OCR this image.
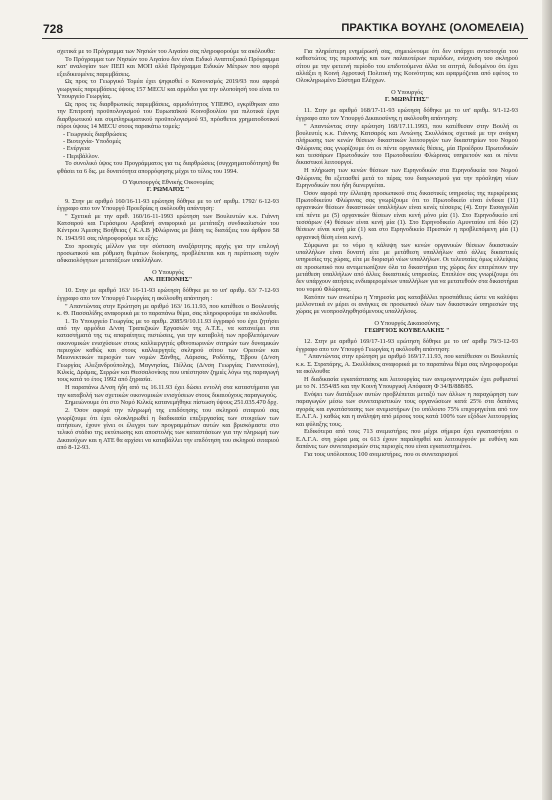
728	ΠΡΑΚΤΙΚΑ ΒΟΥΛΗΣ (ΟΛΟΜΕΛΕΙΑ)

σχετικά με το Πρόγραμμα των Νησιών του Αιγαίου σας πληροφορούμε τα ακόλουθα:

Το Πρόγραμμα των Νησιών του Αιγαίου δεν είναι Ειδικό Αναπτυξιακό Πρόγραμμα κατ' αναλογίαν των ΠΕΠ και ΜΟΠ αλλά Πρόγραμμα Ειδικών Μέτρων που αφορά εξειδικευμένες παρεμβάσεις.

Ως προς το Γεωργικό Τομέα έχει ψηφισθεί ο Κανονισμός 2019/93 που αφορά γεωργικές παρεμβάσεις ύψους 157 MECU και αρμόδιο για την υλοποίησή του είναι το Υπουργείο Γεωργίας.

Ως προς τις διαρθρωτικές παρεμβάσεις, αρμοδιότητος ΥΠΕΘΟ, εγκρίθηκαν απο την Επιτροπή προϋπολογισμού του Ευρωπαϊκού Κοινοβουλίου για πιλοτικά έργα διαρθρωτικού και συμπληρωματικού προϋπολογισμού 93, πρόσθετοι χρηματοδοτικοί πόροι ύψους 14 MECU στους παρακάτω τομείς:

- Γεωργικές διαρθρώσεις

- Βιοτεχνία- Υποδομές

- Ενέργεια

- Περιβάλλον.

Το συνολικό ύψος του Προγράμματος για τις διαρθρώσεις (συγχρηματοδότηση) θα φθάσει τα 6 δις. με δυνατότητα απορρόφησης μέχρι το τέλος του 1994.

Ο Υφυπουργός Εθνικής Οικονομίας

Γ. ΡΩΜΑΙΌΣ "

9. Στην με αριθμό 160/16-11-93 ερώτηση δόθηκε με το υπ' αριθμ. 1792/ 6-12-93 έγγραφο απο τον Υπουργό Προεδρίας η ακόλουθη απάντηση:

" Σχετικά με την αριθ. 160/16-11-1993 ερώτηση των Βουλευτών κ.κ. Γιάννη Κατσαρού και Γεράσιμου Αραβανή αναφορικά με μετάταξη συνδικαλιστών του Κέντρου Άμεσης Βοήθειας ( Κ.Α.Β )Φλώρινας με βάση τις διατάξεις του άρθρου 58 Ν. 1943/91 σας πληροφορούμε τα εξής:

Στο προσεχές μέλλον για την σύσταση αναξάρτητης αρχής για την επιλογή προσωπικού και ρύθμιση θεμάτων διοίκησης, προβλέπεται και η περίπτωση τυχόν αδικαιολόγητων μετατάξεων υπαλλήλων.

Ο Υπουργός

ΑΝ. ΠΕΠΟΝΗΣ"

10. Στην με αριθμό 163/ 16-11-93 ερώτηση δόθηκε με το υπ' αριθμ. 63/ 7-12-93 έγγραφο απο τον Υπουργό Γεωργίας η ακόλουθη απάντηση :

" Απαντώντας στην Ερώτηση με αριθμό 163/ 16.11.93, που κατέθεσε ο Βουλευτής κ. Θ. Πασσαλίδης αναφορικά με το παραπάνω θέμα, σας πληροφορούμε τα ακόλουθα.

1. Το Υπουργείο Γεωργίας με το αριθμ. 2085/9/10.11.93 έγγραφό του έχει ζητήσει από την αρμόδια Δ/νση Τραπεζικών Εργασιών της Α.Τ.Ε., να κατανείμει στα καταστήματά της τις απαραίτητες πιστώσεις, για την καταβολή των προβλεπόμενων οικονομικών ενισχύσεων στους καλλιεργητές φθινοπωρινών σιτηρών των δυναμικών περιοχών καθώς και στους καλλιεργητές σκληρού σίτου των Ορεινών και Μειονεκτικών περιοχών των νομών Ξάνθης, Λάρισας, Ροδόπης, Έβρου (Δ/νση Γεωργίας Αλεξανδρούπολης), Μαγνησίας, Πέλλας (Δ/νση Γεωργίας Γιαννιτσών), Κιλκίς, Δράμας, Σερρών και Θεσσαλονίκης που υπέστησαν ζημιές λόγω της παραγωγή τους κατά το έτος 1992 από ξηρασία.

Η παραπάνω Δ/νση ήδη από τις 16.11.93 έχει δώσει εντολή στα καταστήματα για την καταβολή των σχετικών οικονομικών ενισχύσεων στους δικαιούχους παραγωγούς.

Σημειώνουμε ότι στο Νομό Κιλκίς κατανεμήθηκε πίστωση ύψους 251.035.470 δρχ.

2. Όσον αφορά την πληρωμή της επιδότησης του σκληρού σιταριού σας γνωρίζουμε ότι έχει ολοκληρωθεί η διαδικασία επεξεργασίας των στοιχείων των αιτήσεων, έχουν γίνει οι έλεγχοι των προγραμμάτων αυτών και βρισκόμαστε στο τελικό στάδιο της εκτύπωσης και αποστολής των καταστάσεων για την πληρωμή των Δικαιούχων και η ΑΤΕ θα αρχίσει να καταβάλλει την επιδότηση του σκληρού σιταριού από 8-12-93.

Για πληρέστερη ενημέρωσή σας, σημειώνουμε ότι δεν υπάρχει αντιστοιχία του καθεστώτος της περυσινής και των παλαιοτέρων περιόδων, ενίσχυση του σκληρού σίτου με την φετεινή περίοδο του επιδοτούμενα άλλα τα αιτητά, δεδομένου ότι έχει αλλάξει η Κοινή Αγροτική Πολιτική της Κοινότητας και εφαρμόζεται από εφέτος το Ολοκληρωμένο Σύστημα Ελέγχων.

Ο Υπουργός

Γ. ΜΩΡΑΪΤΗΣ"

11. Στην με αριθμό 168/17-11-93 ερώτηση δόθηκε με το υπ' αριθμ. 9/1-12-93 έγγραφο απο τον Υπουργό Δικαιοσύνης η ακόλουθη απάντηση:

" Απαντώντας στην ερώτηση 168/17.11.1993, που κατέθεσαν στην Βουλή οι βουλευτές κ.κ. Γιάννης Κατσαρός και Αντώνης Σκυλλάκος σχετικά με την ανάγκη πλήρωσης των κενών θέσεων δικαστικών λειτουργών των δικαστηρίων του Νομού Φλώρινας σας γνωρίζουμε ότι οι πέντε οργανικές θέσεις, μία Προέδρου Πρωτοδικών και τεσσάρων Πρωτοδικών του Πρωτοδικείου Φλώρινας υπηρετούν και οι πέντε δικαστικοί λειτουργοί.

Η πλήρωση των κενών θέσεων των Ειρηνοδικών στα Ειρηνοδικεία του Νομού Φλώρινας θα εξετασθεί μετά το πέρας του διαγωνισμού για την πρόσληψη νέων Ειρηνοδικών που ήδη διενεργείται.

Όσον αφορά την έλλειψη προσωπικού στις δικαστικές υπηρεσίες της περιφέρειας Πρωτοδικείου Φλώρινας σας γνωρίζουμε ότι το Πρωτοδικείο είναι ένδεκα (11) οργανικών θέσεων δικαστικών υπαλλήλων είναι κενές τέσσερις (4). Στην Εισαγγελία επί πέντε με (5) οργανικών θέσεων είναι κενή μόνο μία (1). Στο Ειρηνοδικείο επί τεσσάρων (4) θέσεων είναι κενή μία (1). Στο Ειρηνοδικείο Αμυνταίου επί δύο (2) θέσεων είναι κενή μία (1) και στο Ειρηνοδικείο Πρεσπών η προβλεπόμενη μία (1) οργανική θέση είναι κενή.

Σύμφωνα με το νόμο η κάλυψη των κενών οργανικών θέσεων δικαστικών υπαλλήλων είναι δυνατή είτε με μετάθεση υπαλλήλων από άλλες δικαστικές υπηρεσίες της χώρας, είτε με διορισμό νέων υπαλλήλων. Οι τελευταίες όμως ελλείψεις σε προσωπικό που αντιμετωπίζουν όλα τα δικαστήρια της χώρας δεν επιτρέπουν την μετάθεση υπαλλήλων από άλλες δικαστικές υπηρεσίες. Επιπλέον σας γνωρίζουμε ότι δεν υπάρχουν αιτήσεις ενδιαφερομένων υπαλλήλων για να μετατεθούν στα δικαστήρια του νομού Φλώρινας.

Κατόπιν των ανωτέρω η Υπηρεσία μας καταβάλλει προσπάθειες ώστε να καλύψει μελλοντικά εν μέρει οι ανάγκες σε προσωπικό όλων των δικαστικών υπηρεσιών της χώρας με νεοπροσληφθησόμενους υπαλλήλους.

Ο Υπουργός Δικαιοσύνης

ΓΕΩΡΓΙΟΣ ΚΟΥΒΕΛΑΚΗΣ "

12. Στην με αριθμό 169/17-11-93 ερώτηση δόθηκε με το υπ' αριθμ 79/3-12-93 έγγραφο απο τον Υπουργό Γεωργίας η ακόλουθη απάντηση:

" Απαντώντας στην ερώτηση με αριθμό 169/17.11.93, που κατέθεσαν οι Βουλευτές κ.κ. Σ. Στρατάρης, Α. Σκυλλάκος αναφορικά με το παραπάνω θέμα σας πληροφορούμε τα ακόλουθα:

Η διαδικασία εγκατάστασης και λειτουργίας των ανεμογεννητριών έχει ρυθμιστεί με το Ν. 1554/85 και την Κοινή Υπουργική Απόφαση Φ 34/Β/888/85.

Ενόψει των διατάξεων αυτών προβλέπεται μεταξύ των άλλων η παραχώρηση των παραγωγών μέσω των συνεταιριστικών τους οργανώσεων κατά 25% στα δαπάνες αγοράς και εγκατάστασης των ανεμιστήρων (το υπόλοιπο 75% επιχορηγείται από τον Ε.Λ.Γ.Α. ) καθώς και η ανάληψη από μέρους τους κατά 100% των εξόδων λειτουργίας και φύλαξης τους.

Ειδικότερα από τους 713 ανεμιστήρες που μέχρι σήμερα έχει εγκαταστήσει ο Ε.Λ.Γ.Α. στη χώρα μας οι 613 έχουν παραληφθεί και λειτουργούν με ευθύνη και δαπάνες των συνεταιρισμών στις περιοχές που είναι εγκατεστημένοι.

Για τους υπόλοιπους 100 ανεμιστήρες, που οι συνεταιρισμοί
